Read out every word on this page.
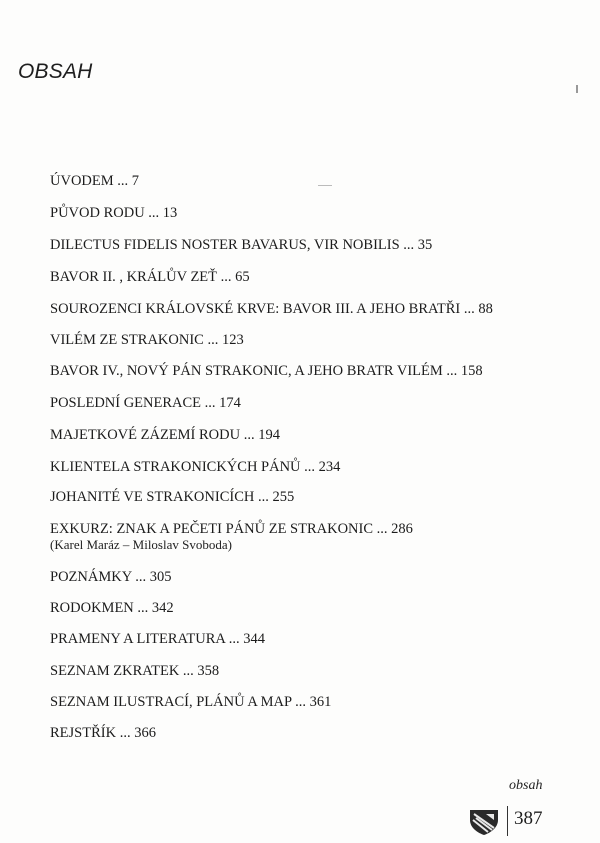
OBSAH
ÚVODEM ... 7
PŮVOD RODU ... 13
DILECTUS FIDELIS NOSTER BAVARUS, VIR NOBILIS ... 35
BAVOR II. , KRÁLŮV ZEŤ ... 65
SOUROZENCI KRÁLOVSKÉ KRVE: BAVOR III. A JEHO BRATŘI ... 88
VILÉM ZE STRAKONIC ... 123
BAVOR IV., NOVÝ PÁN STRAKONIC, A JEHO BRATR VILÉM ... 158
POSLEDNÍ GENERACE ... 174
MAJETKOVÉ ZÁZEMÍ RODU ... 194
KLIENTELA STRAKONICKÝCH PÁNŮ ... 234
JOHANITÉ VE STRAKONICÍCH ... 255
EXKURZ: ZNAK A PEČETI PÁNŮ ZE STRAKONIC ... 286
(Karel Maráz – Miloslav Svoboda)
POZNÁMKY ... 305
RODOKMEN ... 342
PRAMENY A LITERATURA ... 344
SEZNAM ZKRATEK ... 358
SEZNAM ILUSTRACÍ, PLÁNŮ A MAP ... 361
REJSTŘÍK ... 366
obsah
387
